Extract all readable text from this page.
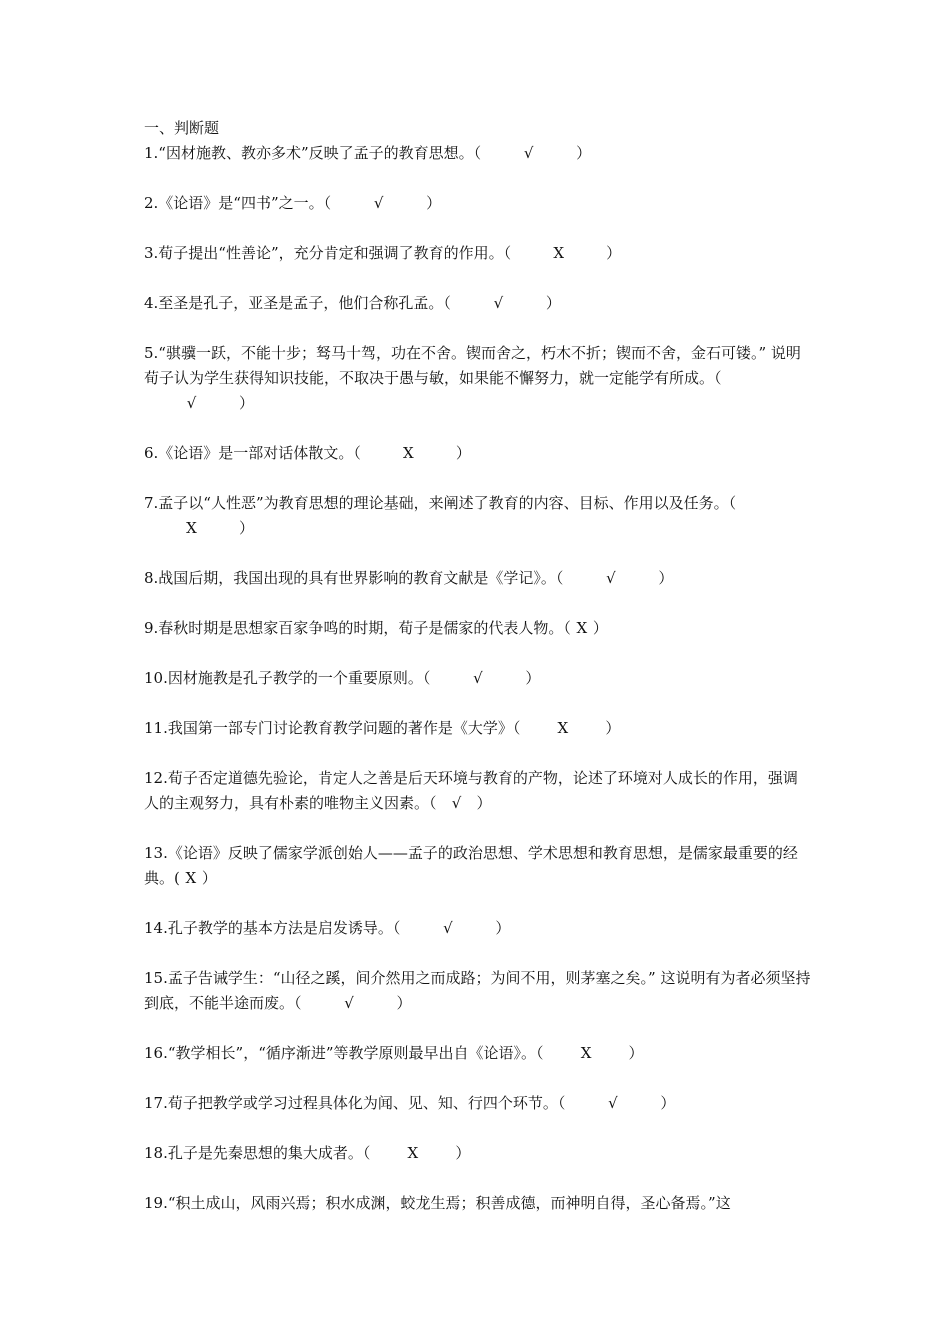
一、判断题

1.“因材施教、教亦多术”反映了孟子的教育思想。（	√	）

2.《论语》是“四书”之一。（	√	）

3.荀子提出“性善论”，充分肯定和强调了教育的作用。（	X	）

4.至圣是孔子，亚圣是孟子，他们合称孔孟。（	√	）

5.“骐骥一跃，不能十步；驽马十驾，功在不舍。锲而舍之，朽木不折；锲而不舍，金石可镂。” 说明荀子认为学生获得知识技能，不取决于愚与敏，如果能不懈努力，就一定能学有所成。（√	）

6.《论语》是一部对话体散文。（	X	）

7.孟子以“人性恶”为教育思想的理论基础，来阐述了教育的内容、目标、作用以及任务。（X	）

8.战国后期，我国出现的具有世界影响的教育文献是《学记》。（	√	）

9.春秋时期是思想家百家争鸣的时期，荀子是儒家的代表人物。（ X ）

10.因材施教是孔子教学的一个重要原则。（	√	）

11.我国第一部专门讨论教育教学问题的著作是《大学》（ X ）

12.荀子否定道德先验论，肯定人之善是后天环境与教育的产物，论述了环境对人成长的作用，强调人的主观努力，具有朴素的唯物主义因素。（ √ ）

13.《论语》反映了儒家学派创始人——孟子的政治思想、学术思想和教育思想，是儒家最重要的经典。( X ）

14.孔子教学的基本方法是启发诱导。（	√	）

15.孟子告诫学生：“山径之蹊，间介然用之而成路；为间不用，则茅塞之矣。” 这说明有为者必须坚持到底，不能半途而废。（	√	）

16.“教学相长”，“循序渐进”等教学原则最早出自《论语》。（ X ）

17.荀子把教学或学习过程具体化为闻、见、知、行四个环节。（	√	）

18.孔子是先秦思想的集大成者。（ X ）

19.“积土成山，风雨兴焉；积水成渊，蛟龙生焉；积善成德，而神明自得，圣心备焉。”这
